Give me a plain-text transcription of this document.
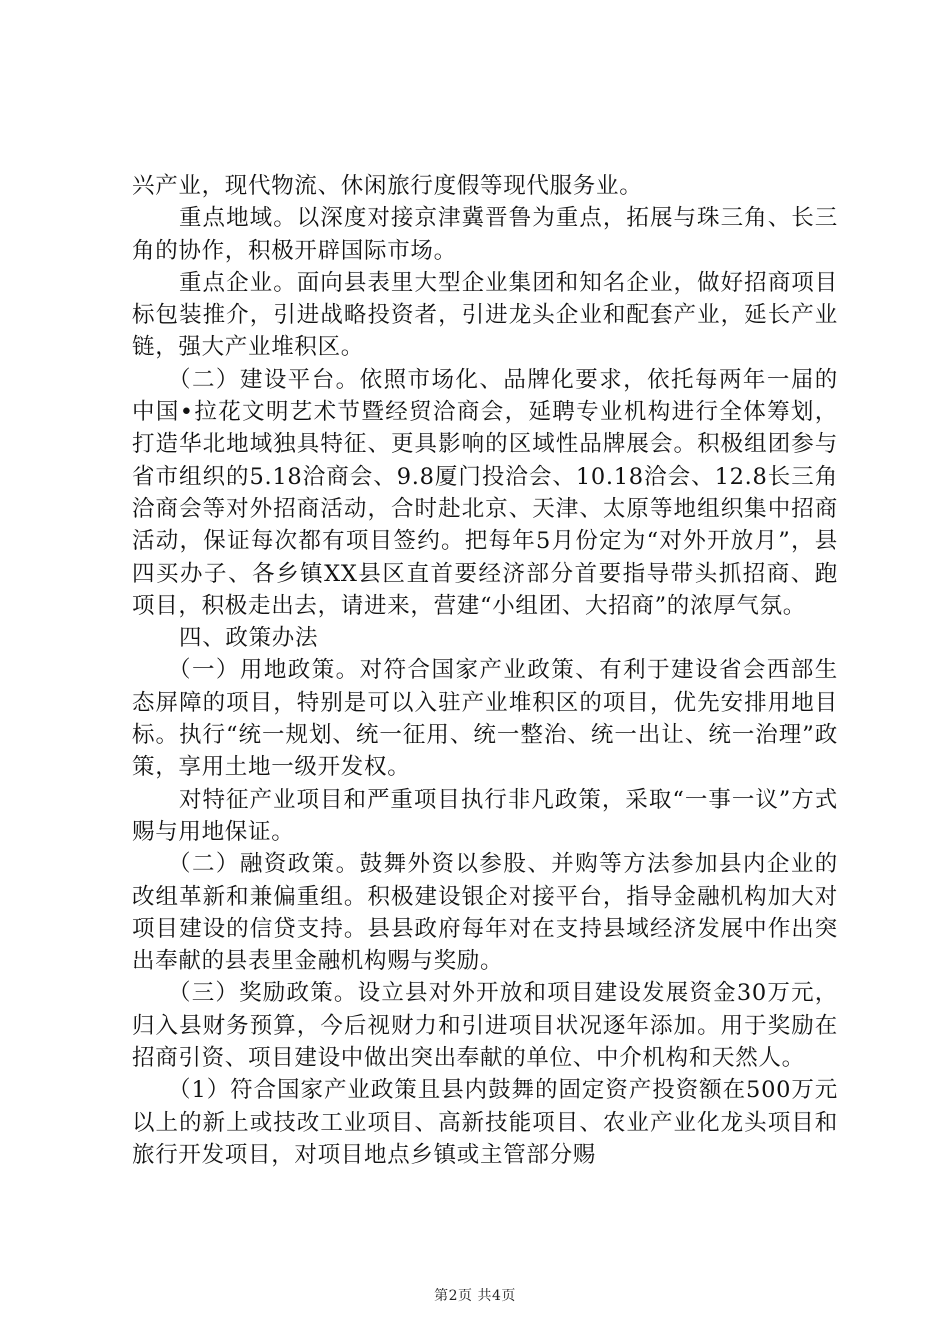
兴产业，现代物流、休闲旅行度假等现代服务业。

重点地域。以深度对接京津冀晋鲁为重点，拓展与珠三角、长三角的协作，积极开辟国际市场。

重点企业。面向县表里大型企业集团和知名企业，做好招商项目标包装推介，引进战略投资者，引进龙头企业和配套产业，延长产业链，强大产业堆积区。

（二）建设平台。依照市场化、品牌化要求，依托每两年一届的中国•拉花文明艺术节暨经贸洽商会，延聘专业机构进行全体筹划，打造华北地域独具特征、更具影响的区域性品牌展会。积极组团参与省市组织的5.18洽商会、9.8厦门投洽会、10.18洽会、12.8长三角洽商会等对外招商活动，合时赴北京、天津、太原等地组织集中招商活动，保证每次都有项目签约。把每年5月份定为“对外开放月”，县四买办子、各乡镇XX县区直首要经济部分首要指导带头抓招商、跑项目，积极走出去，请进来，营建“小组团、大招商”的浓厚气氛。

四、政策办法

（一）用地政策。对符合国家产业政策、有利于建设省会西部生态屏障的项目，特别是可以入驻产业堆积区的项目，优先安排用地目标。执行“统一规划、统一征用、统一整治、统一出让、统一治理”政策，享用土地一级开发权。

对特征产业项目和严重项目执行非凡政策，采取“一事一议”方式赐与用地保证。

（二）融资政策。鼓舞外资以参股、并购等方法参加县内企业的改组革新和兼偏重组。积极建设银企对接平台，指导金融机构加大对项目建设的信贷支持。县县政府每年对在支持县域经济发展中作出突出奉献的县表里金融机构赐与奖励。

（三）奖励政策。设立县对外开放和项目建设发展资金30万元，归入县财务预算，今后视财力和引进项目状况逐年添加。用于奖励在招商引资、项目建设中做出突出奉献的单位、中介机构和天然人。

（1）符合国家产业政策且县内鼓舞的固定资产投资额在500万元以上的新上或技改工业项目、高新技能项目、农业产业化龙头项目和旅行开发项目，对项目地点乡镇或主管部分赐

第2页 共4页
